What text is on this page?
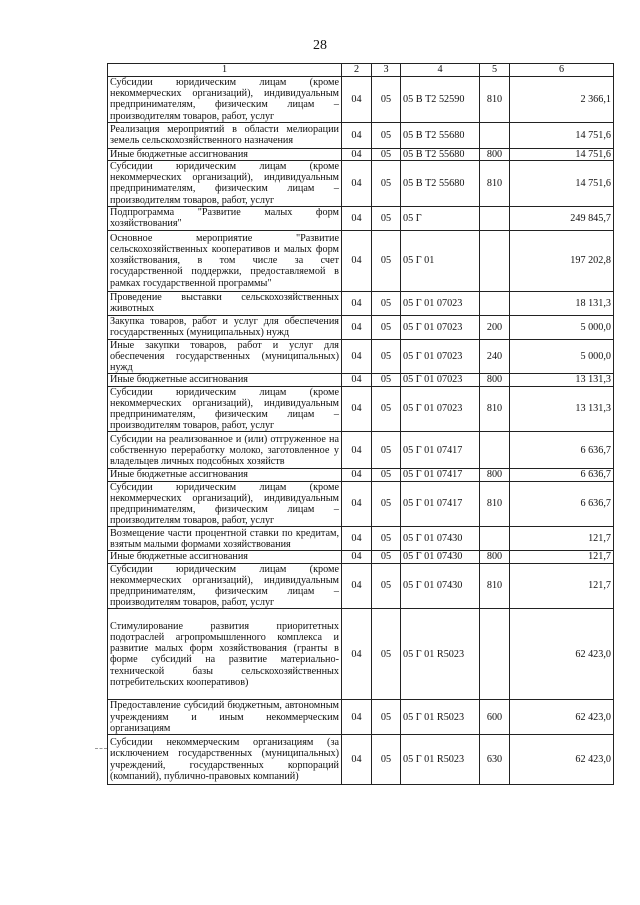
28
1	2	3	4	5	6
Субсидии юридическим лицам (кроме некоммерческих организаций), индивидуальным предпринимателям, физическим лицам – производителям товаров, работ, услуг	04	05	05 В Т2 52590	810	2 366,1
Реализация мероприятий в области мелиорации земель сельскохозяйственного назначения	04	05	05 В Т2 55680		14 751,6
Иные бюджетные ассигнования	04	05	05 В Т2 55680	800	14 751,6
Субсидии юридическим лицам (кроме некоммерческих организаций), индивидуальным предпринимателям, физическим лицам – производителям товаров, работ, услуг	04	05	05 В Т2 55680	810	14 751,6
Подпрограмма "Развитие малых форм хозяйствования"	04	05	05 Г		249 845,7
Основное мероприятие "Развитие сельскохозяйственных кооперативов и малых форм хозяйствования, в том числе за счет государственной поддержки, предоставляемой в рамках государственной программы"	04	05	05 Г 01		197 202,8
Проведение выставки сельскохозяйственных животных	04	05	05 Г 01 07023		18 131,3
Закупка товаров, работ и услуг для обеспечения государственных (муниципальных) нужд	04	05	05 Г 01 07023	200	5 000,0
Иные закупки товаров, работ и услуг для обеспечения государственных (муниципальных) нужд	04	05	05 Г 01 07023	240	5 000,0
Иные бюджетные ассигнования	04	05	05 Г 01 07023	800	13 131,3
Субсидии юридическим лицам (кроме некоммерческих организаций), индивидуальным предпринимателям, физическим лицам – производителям товаров, работ, услуг	04	05	05 Г 01 07023	810	13 131,3
Субсидии на реализованное и (или) отгруженное на собственную переработку молоко, заготовленное у владельцев личных подсобных хозяйств	04	05	05 Г 01 07417		6 636,7
Иные бюджетные ассигнования	04	05	05 Г 01 07417	800	6 636,7
Субсидии юридическим лицам (кроме некоммерческих организаций), индивидуальным предпринимателям, физическим лицам – производителям товаров, работ, услуг	04	05	05 Г 01 07417	810	6 636,7
Возмещение части процентной ставки по кредитам, взятым малыми формами хозяйствования	04	05	05 Г 01 07430		121,7
Иные бюджетные ассигнования	04	05	05 Г 01 07430	800	121,7
Субсидии юридическим лицам (кроме некоммерческих организаций), индивидуальным предпринимателям, физическим лицам – производителям товаров, работ, услуг	04	05	05 Г 01 07430	810	121,7
Стимулирование развития приоритетных подотраслей агропромышленного комплекса и развитие малых форм хозяйствования (гранты в форме субсидий на развитие материально-технической базы сельскохозяйственных потребительских кооперативов)	04	05	05 Г 01 R5023		62 423,0
Предоставление субсидий бюджетным, автономным учреждениям и иным некоммерческим организациям	04	05	05 Г 01 R5023	600	62 423,0
Субсидии некоммерческим организациям (за исключением государственных (муниципальных) учреждений, государственных корпораций (компаний), публично-правовых компаний)	04	05	05 Г 01 R5023	630	62 423,0
